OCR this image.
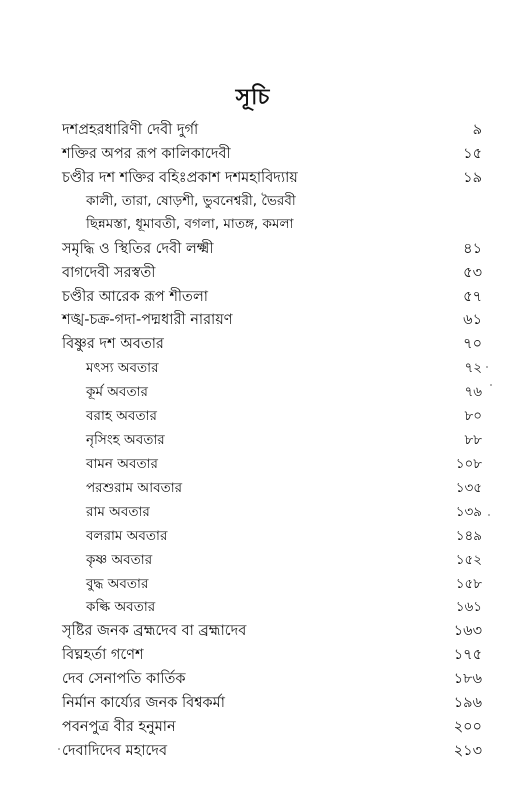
সূচি
দশপ্রহরধারিণী দেবী দুর্গা	৯
শক্তির অপর রূপ কালিকাদেবী	১৫
চণ্ডীর দশ শক্তির বহিঃপ্রকাশ দশমহাবিদ্যায়	১৯
কালী, তারা, ষোড়শী, ভুবনেশ্বরী, ভৈরবী
ছিন্নমস্তা, ধূমাবতী, বগলা, মাতঙ্গ, কমলা
সমৃদ্ধি ও স্থিতির দেবী লক্ষ্মী	৪১
বাগদেবী সরস্বতী	৫৩
চণ্ডীর আরেক রূপ শীতলা	৫৭
শঙ্খ-চক্র-গদা-পদ্মধারী নারায়ণ	৬১
বিষ্ণুর দশ অবতার	৭০
মৎস্য অবতার	৭২
কূর্ম অবতার	৭৬
বরাহ অবতার	৮০
নৃসিংহ অবতার	৮৮
বামন অবতার	১০৮
পরশুরাম আবতার	১৩৫
রাম অবতার	১৩৯
বলরাম অবতার	১৪৯
কৃষ্ণ অবতার	১৫২
বুদ্ধ অবতার	১৫৮
কল্কি অবতার	১৬১
সৃষ্টির জনক ব্রহ্মদেব বা ব্রহ্মাদেব	১৬৩
বিঘ্নহর্তা গণেশ	১৭৫
দেব সেনাপতি কার্তিক	১৮৬
নির্মান কার্য্যের জনক বিশ্বকর্মা	১৯৬
পবনপুত্র বীর হনুমান	২০০
দেবাদিদেব মহাদেব	২১৩
